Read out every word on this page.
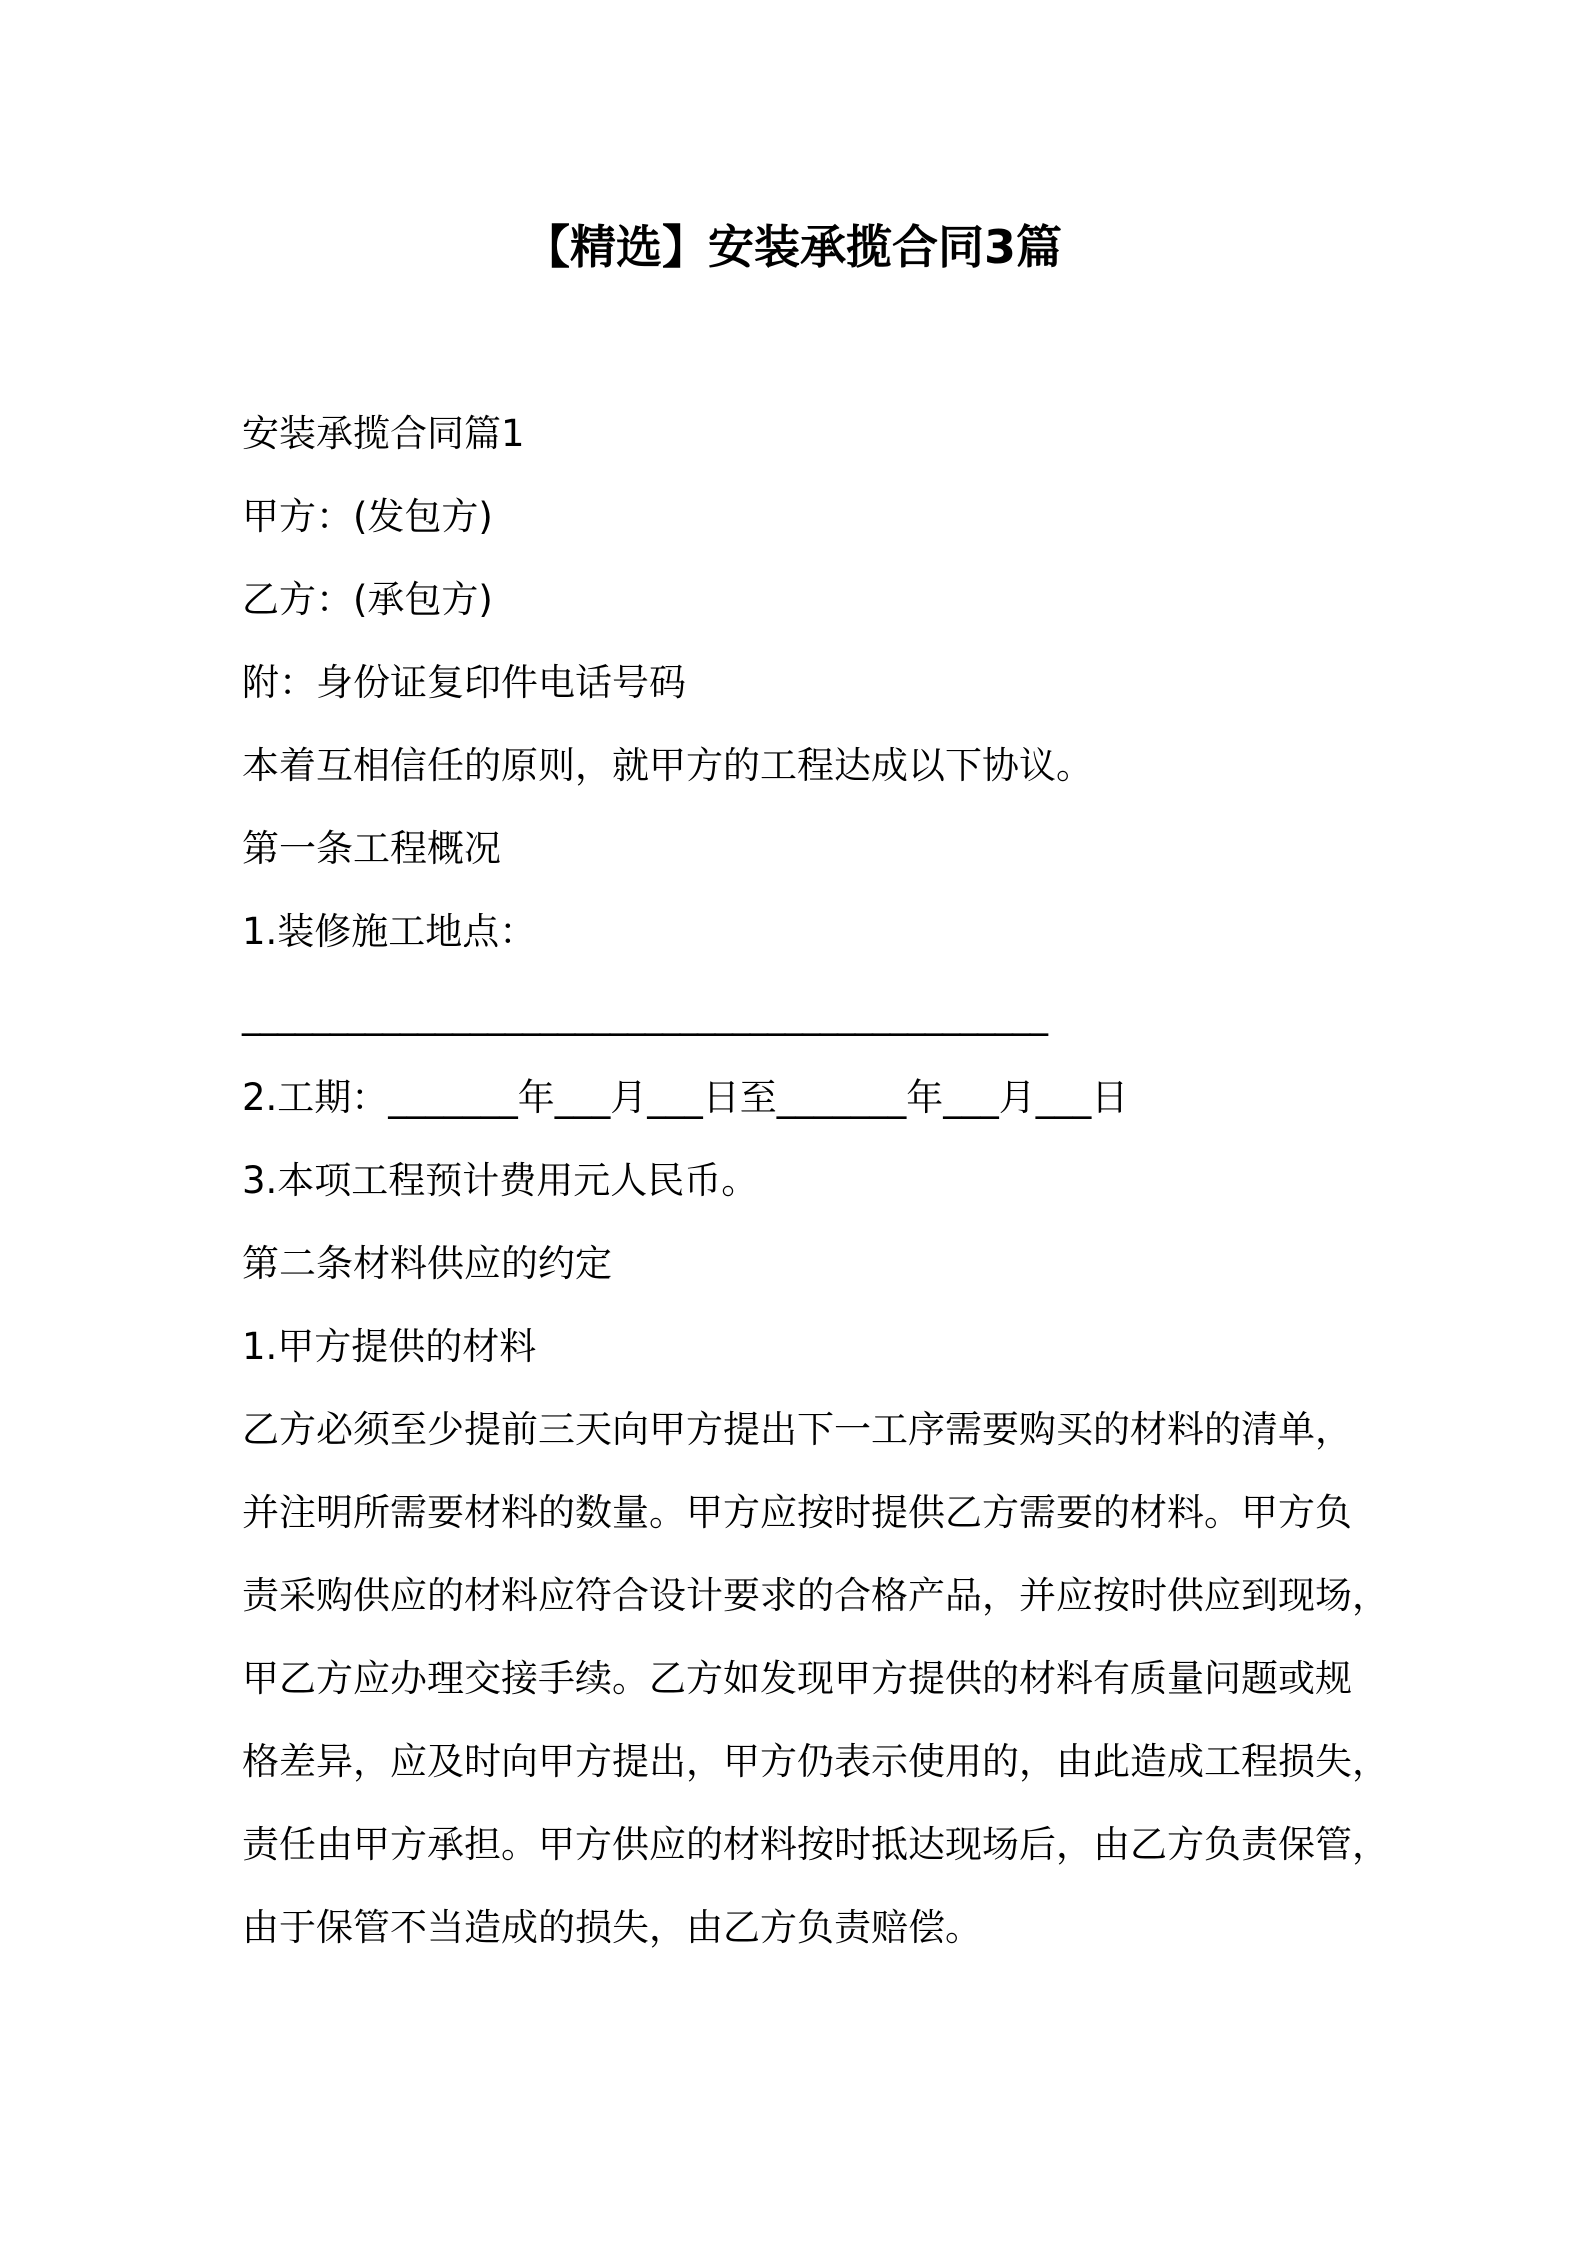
【精选】安装承揽合同3篇
安装承揽合同篇1
甲方：(发包方)
乙方：(承包方)
附：身份证复印件电话号码
本着互相信任的原则，就甲方的工程达成以下协议。
第一条工程概况
1.装修施工地点：
______________________________________________
2.工期：_______年___月___日至_______年___月___日
3.本项工程预计费用元人民币。
第二条材料供应的约定
1.甲方提供的材料
乙方必须至少提前三天向甲方提出下一工序需要购买的材料的清单，
并注明所需要材料的数量。甲方应按时提供乙方需要的材料。甲方负
责采购供应的材料应符合设计要求的合格产品，并应按时供应到现场，
甲乙方应办理交接手续。乙方如发现甲方提供的材料有质量问题或规
格差异，应及时向甲方提出，甲方仍表示使用的，由此造成工程损失，
责任由甲方承担。甲方供应的材料按时抵达现场后，由乙方负责保管，
由于保管不当造成的损失，由乙方负责赔偿。
